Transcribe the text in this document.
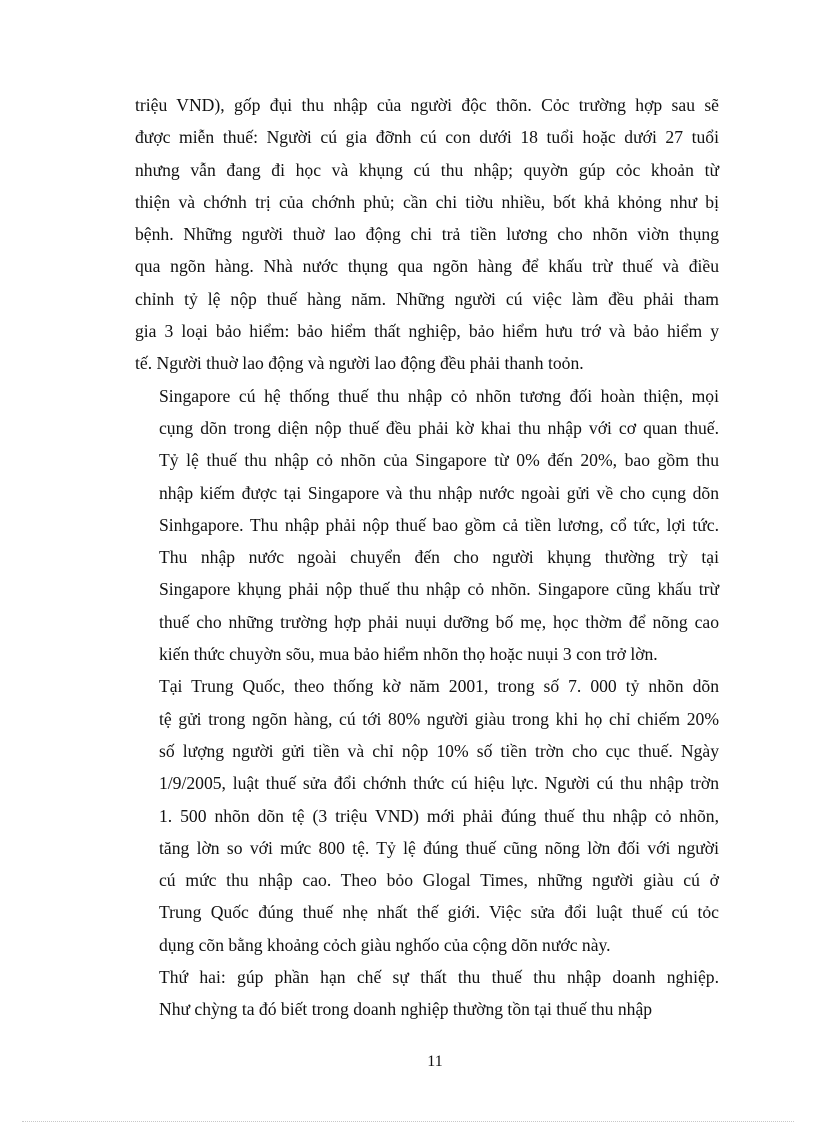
triệu VND), gốp đụi thu nhập của người độc thõn. Cỏc trường hợp sau sẽ
được miễn thuế: Người cú gia đỡnh cú con dưới 18 tuổi hoặc dưới 27 tuổi
nhưng vẫn đang đi học và khụng cú thu nhập; quyờn gúp cỏc khoản từ
thiện và chớnh trị của chớnh phủ; cần chi tiờu nhiều, bốt khả khỏng như bị
bệnh. Những người thuờ lao động chi trả tiền lương cho nhõn viờn thụng
qua ngõn hàng. Nhà nước thụng qua ngõn hàng để khấu trừ thuế và điều
chỉnh tỷ lệ nộp thuế hàng năm. Những người cú việc làm đều phải tham
gia 3 loại bảo hiểm: bảo hiểm thất nghiệp, bảo hiểm hưu trớ và bảo hiểm y
tế. Người thuờ lao động và người lao động đều phải thanh toỏn.

Singapore cú hệ thống thuế thu nhập cỏ nhõn tương đối hoàn thiện, mọi
cụng dõn trong diện nộp thuế đều phải kờ khai thu nhập với cơ quan thuế.
Tỷ lệ thuế thu nhập cỏ nhõn của Singapore từ 0% đến 20%, bao gồm thu
nhập kiếm được tại Singapore và thu nhập nước ngoài gửi về cho cụng dõn
Sinhgapore. Thu nhập phải nộp thuế bao gồm cả tiền lương, cổ tức, lợi tức.
Thu nhập nước ngoài chuyển đến cho người khụng thường trỳ tại
Singapore khụng phải nộp thuế thu nhập cỏ nhõn. Singapore cũng khấu trừ
thuế cho những trường hợp phải nuụi dưỡng bố mẹ, học thờm để nõng cao
kiến thức chuyờn sõu, mua bảo hiểm nhõn thọ hoặc nuụi 3 con trở lờn.

Tại Trung Quốc, theo thống kờ năm 2001, trong số 7. 000 tỷ nhõn dõn
tệ gửi trong ngõn hàng, cú tới 80% người giàu trong khi họ chỉ chiếm 20%
số lượng người gửi tiền và chỉ nộp 10% số tiền trờn cho cục thuế. Ngày
1/9/2005, luật thuế sửa đổi chớnh thức cú hiệu lực. Người cú thu nhập trờn
1. 500 nhõn dõn tệ (3 triệu VND) mới phải đúng thuế thu nhập cỏ nhõn,
tăng lờn so với mức 800 tệ. Tỷ lệ đúng thuế cũng nõng lờn đối với người
cú mức thu nhập cao. Theo bỏo Glogal Times, những người giàu cú ở
Trung Quốc đúng thuế nhẹ nhất thế giới. Việc sửa đổi luật thuế cú tỏc
dụng cõn bằng khoảng cỏch giàu nghốo của cộng dõn nước này.

Thứ hai: gúp phần hạn chế sự thất thu thuế thu nhập doanh nghiệp.
Như chỳng ta đó biết trong doanh nghiệp thường tồn tại thuế thu nhập

11
